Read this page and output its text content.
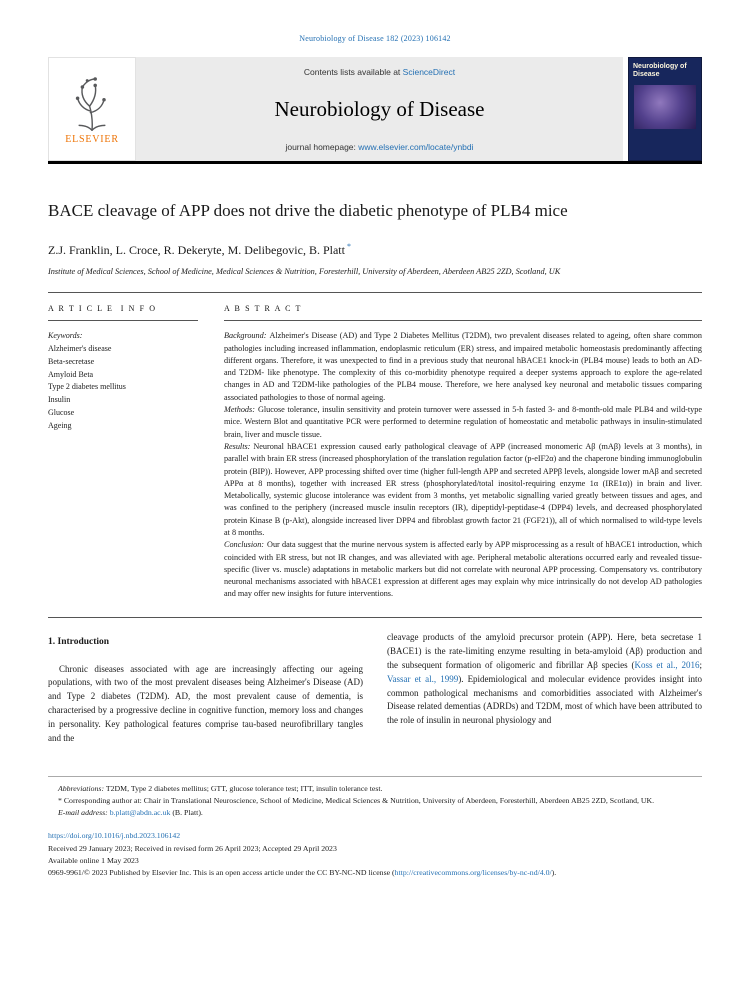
Neurobiology of Disease 182 (2023) 106142
ELSEVIER
Contents lists available at ScienceDirect
Neurobiology of Disease
journal homepage: www.elsevier.com/locate/ynbdi
Neurobiology of Disease
BACE cleavage of APP does not drive the diabetic phenotype of PLB4 mice
Z.J. Franklin, L. Croce, R. Dekeryte, M. Delibegovic, B. Platt *
Institute of Medical Sciences, School of Medicine, Medical Sciences & Nutrition, Foresterhill, University of Aberdeen, Aberdeen AB25 2ZD, Scotland, UK
A R T I C L E  I N F O
Keywords:
Alzheimer's disease
Beta-secretase
Amyloid Beta
Type 2 diabetes mellitus
Insulin
Glucose
Ageing
A B S T R A C T

Background: Alzheimer's Disease (AD) and Type 2 Diabetes Mellitus (T2DM), two prevalent diseases related to ageing, often share common pathologies including increased inflammation, endoplasmic reticulum (ER) stress, and impaired metabolic homeostasis predominantly affecting different organs. Therefore, it was unexpected to find in a previous study that neuronal hBACE1 knock-in (PLB4 mouse) leads to both an AD- and T2DM- like phenotype. The complexity of this co-morbidity phenotype required a deeper systems approach to explore the age-related changes in AD and T2DM-like pathologies of the PLB4 mouse. Therefore, we here analysed key neuronal and metabolic tissues comparing associated pathologies to those of normal ageing.

Methods: Glucose tolerance, insulin sensitivity and protein turnover were assessed in 5-h fasted 3- and 8-month-old male PLB4 and wild-type mice. Western Blot and quantitative PCR were performed to determine regulation of homeostatic and metabolic pathways in insulin-stimulated brain, liver and muscle tissue.

Results: Neuronal hBACE1 expression caused early pathological cleavage of APP (increased monomeric Aβ (mAβ) levels at 3 months), in parallel with brain ER stress (increased phosphorylation of the translation regulation factor (p-eIF2α) and the chaperone binding immunoglobulin protein (BIP)). However, APP processing shifted over time (higher full-length APP and secreted APPβ levels, alongside lower mAβ and secreted APPα at 8 months), together with increased ER stress (phosphorylated/total inositol-requiring enzyme 1α (IRE1α)) in brain and liver. Metabolically, systemic glucose intolerance was evident from 3 months, yet metabolic signalling varied greatly between tissues and ages, and was confined to the periphery (increased muscle insulin receptors (IR), dipeptidyl-peptidase-4 (DPP4) levels, and decreased phosphorylated protein Kinase B (p-Akt), alongside increased liver DPP4 and fibroblast growth factor 21 (FGF21)), all of which normalised to wild-type levels at 8 months.

Conclusion: Our data suggest that the murine nervous system is affected early by APP misprocessing as a result of hBACE1 introduction, which coincided with ER stress, but not IR changes, and was alleviated with age. Peripheral metabolic alterations occurred early and revealed tissue-specific (liver vs. muscle) adaptations in metabolic markers but did not correlate with neuronal APP processing. Compensatory vs. contributory neuronal mechanisms associated with hBACE1 expression at different ages may explain why mice intrinsically do not develop AD pathologies and may offer new insights for future interventions.

1. Introduction

Chronic diseases associated with age are increasingly affecting our ageing populations, with two of the most prevalent diseases being Alzheimer's Disease (AD) and Type 2 diabetes (T2DM). AD, the most prevalent cause of dementia, is characterised by a progressive decline in cognitive function, memory loss and changes in personality. Key pathological features comprise tau-based neurofibrillary tangles and the

cleavage products of the amyloid precursor protein (APP). Here, beta secretase 1 (BACE1) is the rate-limiting enzyme resulting in beta-amyloid (Aβ) production and the subsequent formation of oligomeric and fibrillar Aβ species (Koss et al., 2016; Vassar et al., 1999). Epidemiological and molecular evidence provides insight into common pathological mechanisms and comorbidities associated with Alzheimer's Disease related dementias (ADRDs) and T2DM, most of which have been attributed to the role of insulin in neuronal physiology and

Abbreviations: T2DM, Type 2 diabetes mellitus; GTT, glucose tolerance test; ITT, insulin tolerance test.

* Corresponding author at: Chair in Translational Neuroscience, School of Medicine, Medical Sciences & Nutrition, University of Aberdeen, Foresterhill, Aberdeen AB25 2ZD, Scotland, UK.

E-mail address: b.platt@abdn.ac.uk (B. Platt).

https://doi.org/10.1016/j.nbd.2023.106142

Received 29 January 2023; Received in revised form 26 April 2023; Accepted 29 April 2023

Available online 1 May 2023

0969-9961/© 2023 Published by Elsevier Inc. This is an open access article under the CC BY-NC-ND license (http://creativecommons.org/licenses/by-nc-nd/4.0/).
